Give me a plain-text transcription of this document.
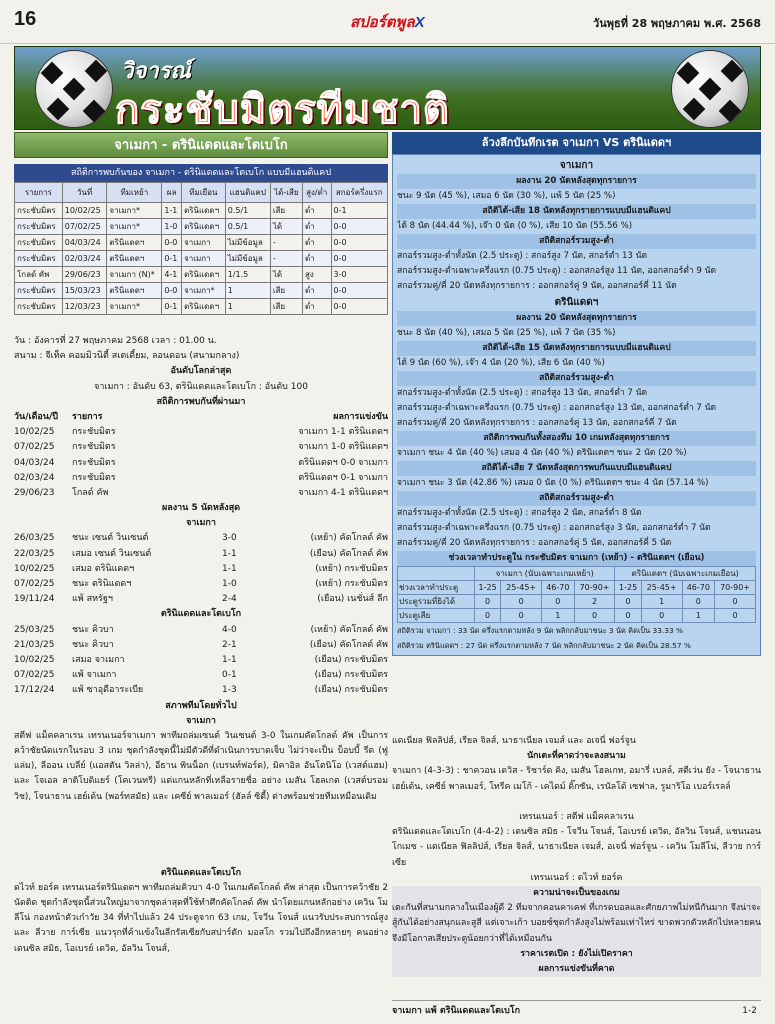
16	สปอร์ตพูลX	วันพุธที่ 28 พฤษภาคม พ.ศ. 2568
วิจารณ์
กระชับมิตรทีมชาติ
จาเมกา - ตรินิแดดและโตเบโก
สถิติการพบกันของ จาเมกา - ตรินิแดดและโตเบโก แบบมีแฮนดิแคป
รายการ	วันที่	ทีมเหย้า	ผล	ทีมเยือน	แฮนดิแคป	ได้-เสีย	สูง/ต่ำ	สกอร์ครึ่งแรก
กระชับมิตร	10/02/25	จาเมกา*	1-1	ตรินิแดดฯ	0.5/1	เสีย	ต่ำ	0-1
กระชับมิตร	07/02/25	จาเมกา*	1-0	ตรินิแดดฯ	0.5/1	ได้	ต่ำ	0-0
กระชับมิตร	04/03/24	ตรินิแดดฯ	0-0	จาเมกา	ไม่มีข้อมูล	-	ต่ำ	0-0
กระชับมิตร	02/03/24	ตรินิแดดฯ	0-1	จาเมกา	ไม่มีข้อมูล	-	ต่ำ	0-0
โกลด์ คัพ	29/06/23	จาเมกา (N)*	4-1	ตรินิแดดฯ	1/1.5	ได้	สูง	3-0
กระชับมิตร	15/03/23	ตรินิแดดฯ	0-0	จาเมกา*	1	เสีย	ต่ำ	0-0
กระชับมิตร	12/03/23	จาเมกา*	0-1	ตรินิแดดฯ	1	เสีย	ต่ำ	0-0
วัน : อังคารที่ 27 พฤษภาคม 2568 เวลา : 01.00 น.
สนาม : จีเท็ค คอมมิวนิตี้ สเตเดี้ยม, ลอนดอน (สนามกลาง)
อันดับโลกล่าสุด
จาเมกา : อันดับ 63, ตรินิแดดและโตเบโก : อันดับ 100
สถิติการพบกันที่ผ่านมา
วัน/เดือน/ปี	รายการ	ผลการแข่งขัน
10/02/25	กระชับมิตร	จาเมกา 1-1 ตรินิแดดฯ
07/02/25	กระชับมิตร	จาเมกา 1-0 ตรินิแดดฯ
04/03/24	กระชับมิตร	ตรินิแดดฯ 0-0 จาเมกา
02/03/24	กระชับมิตร	ตรินิแดดฯ 0-1 จาเมกา
29/06/23	โกลด์ คัพ	จาเมกา 4-1 ตรินิแดดฯ
ผลงาน 5 นัดหลังสุด
จาเมกา
26/03/25	ชนะ เซนต์ วินเซนต์	3-0	(เหย้า) คัดโกลด์ คัพ
22/03/25	เสมอ เซนต์ วินเซนต์	1-1	(เยือน) คัดโกลด์ คัพ
10/02/25	เสมอ ตรินิแดดฯ	1-1	(เหย้า) กระชับมิตร
07/02/25	ชนะ ตรินิแดดฯ	1-0	(เหย้า) กระชับมิตร
19/11/24	แพ้ สหรัฐฯ	2-4	(เยือน) เนชั่นส์ ลีก
ตรินิแดดและโตเบโก
25/03/25	ชนะ คิวบา	4-0	(เหย้า) คัดโกลด์ คัพ
21/03/25	ชนะ คิวบา	2-1	(เยือน) คัดโกลด์ คัพ
10/02/25	เสมอ จาเมกา	1-1	(เยือน) กระชับมิตร
07/02/25	แพ้ จาเมกา	0-1	(เยือน) กระชับมิตร
17/12/24	แพ้ ซาอุดีอาระเบีย	1-3	(เยือน) กระชับมิตร
สภาพทีมโดยทั่วไป
จาเมกา
สตีฟ แม็คคลาเรน เทรนเนอร์จาเมกา พาทีมถล่มเซนต์ วินเซนต์ 3-0 ในเกมคัดโกลด์ คัพ เป็นการคว้าชัยนัดแรกในรอบ 3 เกม ชุดกำลังชุดนี้ไม่มีตัวดีที่ดำเนินการบาดเจ็บ ไม่ว่าจะเป็น บ็อบบี้ รีด (ฟูแล่ม), ลีออน เบลีย์ (แอสตัน วิลล่า), อีธาน พินน็อก (เบรนท์ฟอร์ด), มิคาอิล อันโตนิโอ (เวสต์แฮม) และ โจเอล ลาติโบดิแยร์ (โคเวนทรี) แต่แกนหลักที่เหลือรายชื่อ อย่าง เมสัน โฮลเกต (เวสต์บรอมวิช), โจนาธาน เฮย์เด้น (พอร์ทสมัธ) และ เคซีย์ พาลเมอร์ (ฮัลล์ ซิตี้) ต่างพร้อมช่วยทีมเหมือนเดิม
ตรินิแดดและโตเบโก
ดไวท์ ยอร์ค เทรนเนอร์ตรินิแดดฯ พาทีมถล่มคิวบา 4-0 ในเกมคัดโกลด์ คัพ ล่าสุด เป็นการคว้าชัย 2 นัดติด ชุดกำลังชุดนี้ส่วนใหญ่มาจากชุดล่าสุดที่ใช้ทำศึกคัดโกลด์ คัพ นำโดยแกนหลักอย่าง เควิน โมลีโน่ กองหน้าตัวเก๋าวัย 34 ที่ทำไปแล้ว 24 ประตูจาก 63 เกม, โจวีน โจนส์ แนวรับประสบการณ์สูง และ ลีวาย การ์เซีย แนวรุกที่ค้าแข้งในลีกรัสเซียกับสปาร์ตัก มอสโก รวมไปถึงอีกหลายๆ คนอย่าง เดนซิล สมิธ, โอเบรย์ เดวิด, อัลวิน โจนส์,
ล้วงลึกบันทึกเรต จาเมกา VS ตรินิแดดฯ
จาเมกา
ผลงาน 20 นัดหลังสุดทุกรายการ
ชนะ 9 นัด (45 %), เสมอ 6 นัด (30 %), แพ้ 5 นัด (25 %)
สถิติได้-เสีย 18 นัดหลังทุกรายการแบบมีแฮนดิแคป
ได้ 8 นัด (44.44 %), เจ๊า 0 นัด (0 %), เสีย 10 นัด (55.56 %)
สถิติสกอร์รวมสูง-ต่ำ
สกอร์รวมสูง-ต่ำทั้งนัด (2.5 ประตู) : สกอร์สูง 7 นัด, สกอร์ต่ำ 13 นัด
สกอร์รวมสูง-ต่ำเฉพาะครึ่งแรก (0.75 ประตู) : ออกสกอร์สูง 11 นัด, ออกสกอร์ต่ำ 9 นัด
สกอร์รวมคู่/คี่ 20 นัดหลังทุกรายการ : ออกสกอร์คู่ 9 นัด, ออกสกอร์คี่ 11 นัด
ตรินิแดดฯ
ผลงาน 20 นัดหลังสุดทุกรายการ
ชนะ 8 นัด (40 %), เสมอ 5 นัด (25 %), แพ้ 7 นัด (35 %)
สถิติได้-เสีย 15 นัดหลังทุกรายการแบบมีแฮนดิแคป
ได้ 9 นัด (60 %), เจ๊า 4 นัด (20 %), เสีย 6 นัด (40 %)
สถิติสกอร์รวมสูง-ต่ำ
สกอร์รวมสูง-ต่ำทั้งนัด (2.5 ประตู) : สกอร์สูง 13 นัด, สกอร์ต่ำ 7 นัด
สกอร์รวมสูง-ต่ำเฉพาะครึ่งแรก (0.75 ประตู) : ออกสกอร์สูง 13 นัด, ออกสกอร์ต่ำ 7 นัด
สกอร์รวมคู่/คี่ 20 นัดหลังทุกรายการ : ออกสกอร์คู่ 13 นัด, ออกสกอร์คี่ 7 นัด
สถิติการพบกันทั้งสองทีม 10 เกมหลังสุดทุกรายการ
จาเมกา ชนะ 4 นัด (40 %) เสมอ 4 นัด (40 %) ตรินิแดดฯ ชนะ 2 นัด (20 %)
สถิติได้-เสีย 7 นัดหลังสุดการพบกันแบบมีแฮนดิแคป
จาเมกา ชนะ 3 นัด (42.86 %) เสมอ 0 นัด (0 %) ตรินิแดดฯ ชนะ 4 นัด (57.14 %)
สถิติสกอร์รวมสูง-ต่ำ
สกอร์รวมสูง-ต่ำทั้งนัด (2.5 ประตู) : สกอร์สูง 2 นัด, สกอร์ต่ำ 8 นัด
สกอร์รวมสูง-ต่ำเฉพาะครึ่งแรก (0.75 ประตู) : ออกสกอร์สูง 3 นัด, ออกสกอร์ต่ำ 7 นัด
สกอร์รวมคู่/คี่ 20 นัดหลังทุกรายการ : ออกสกอร์คู่ 5 นัด, ออกสกอร์คี่ 5 นัด
ช่วงเวลาทำประตูใน กระชับมิตร จาเมกา (เหย้า) - ตรินิแดดฯ (เยือน)
	จาเมกา (นับเฉพาะเกมเหย้า)				ตรินิแดดฯ (นับเฉพาะเกมเยือน)			
ช่วงเวลาทำประตู	1-25	25-45+	46-70	70-90+	1-25	25-45+	46-70	70-90+
ประตูรวมที่ยิงได้	0	0	0	2	0	1	0	0
ประตูเสีย	0	0	1	0	0	0	1	0
สถิติรวม จาเมกา : 33 นัด ครึ่งแรกตามหลัง 9 นัด พลิกกลับมาชนะ 3 นัด คิดเป็น 33.33 %
สถิติรวม ตรินิแดดฯ : 27 นัด ครึ่งแรกตามหลัง 7 นัด พลิกกลับมาชนะ 2 นัด คิดเป็น 28.57 %
แดเนียล ฟิลลิปส์, เรียล จิลส์, นาธาเนียล เจมส์ และ อเจนี่ ฟอร์จูน
นักเตะที่คาดว่าจะลงสนาม
จาเมกา (4-3-3) : ชาควอน เดวิส - ริชาร์ด คิง, เมสัน โฮลเกท, อมารี่ เบลล์, สตีเว่น ยัง - โจนาธาน เฮย์เด้น, เคซีย์ พาลเมอร์, โทรีค เมโก้ - เคไดม์ ดิ๊กซัน, เรนัลโด้ เซฟาล, รูมาริโอ เบอร์เรลล์
เทรนเนอร์ : สตีฟ แม็คคลาเรน
ตรินิแดดและโตเบโก (4-4-2) : เดนซิล สมิธ - โจวีน โจนส์, โอเบรย์ เดวิด, อัลวิน โจนส์, แชนนอน โกเมซ - แดเนียล ฟิลลิปส์, เรียล จิลส์, นาธาเนียล เจมส์, อเจนี่ ฟอร์จูน - เควิน โมลีโน่, ลีวาย การ์เซีย
เทรนเนอร์ : ดไวท์ ยอร์ค
ความน่าจะเป็นของเกม
เตะกันที่สนามกลางในเมืองผู้ดี 2 ทีมจากคอนคาเคฟ ที่เกรดบอลและศักยภาพไม่หนีกันมาก จึงน่าจะสู้กันได้อย่างสนุกและสูสี แต่เจาะเก้า บอยซ์ชุดกำลังสูงไม่พร้อมเท่าไหร่ ขาดพวกตัวหลักไปหลายคน จึงมีโอกาสเสียประตูน้อยกว่าที่ได้เหมือนกัน
ราคาเรตเปิด : ยังไม่เปิดราคา
ผลการแข่งขันที่คาด
จาเมกา แพ้ ตรินิแดดและโตเบโก	1-2
